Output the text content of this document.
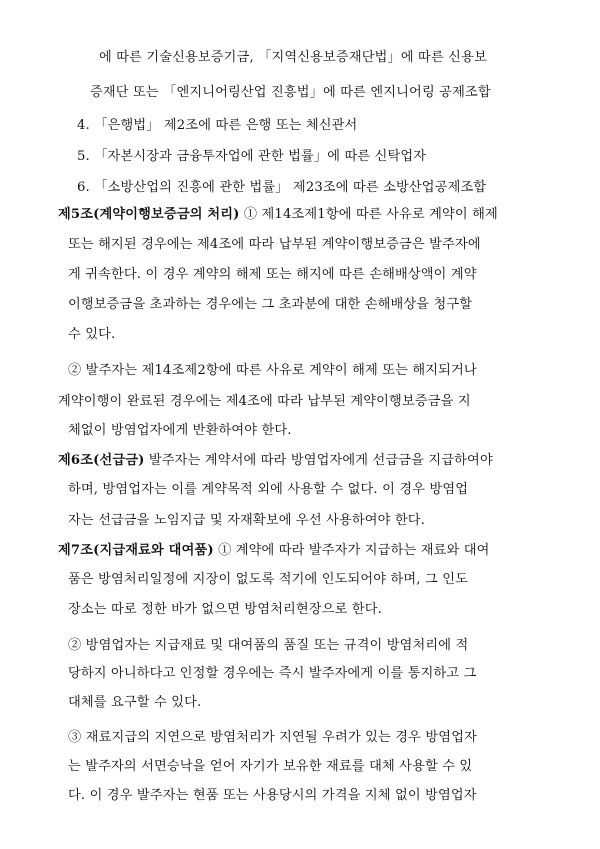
에 따른 기술신용보증기금, 「지역신용보증재단법」에 따른 신용보
증재단 또는 「엔지니어링산업 진흥법」에 따른 엔지니어링 공제조합
4. 「은행법」 제2조에 따른 은행 또는 체신관서
5. 「자본시장과 금융투자업에 관한 법률」에 따른 신탁업자
6. 「소방산업의 진흥에 관한 법률」 제23조에 따른 소방산업공제조합
제5조(계약이행보증금의 처리) ① 제14조제1항에 따른 사유로 계약이 해제
또는 해지된 경우에는 제4조에 따라 납부된 계약이행보증금은 발주자에
게 귀속한다. 이 경우 계약의 해제 또는 해지에 따른 손해배상액이 계약
이행보증금을 초과하는 경우에는 그 초과분에 대한 손해배상을 청구할
수 있다.
② 발주자는 제14조제2항에 따른 사유로 계약이 해제 또는 해지되거나
계약이행이 완료된 경우에는 제4조에 따라 납부된 계약이행보증금을 지
체없이 방염업자에게 반환하여야 한다.
제6조(선급금) 발주자는 계약서에 따라 방염업자에게 선급금을 지급하여야
하며, 방염업자는 이를 계약목적 외에 사용할 수 없다. 이 경우 방염업
자는 선급금을 노임지급 및 자재확보에 우선 사용하여야 한다.
제7조(지급재료와 대여품) ① 계약에 따라 발주자가 지급하는 재료와 대여
품은 방염처리일정에 지장이 없도록 적기에 인도되어야 하며, 그 인도
장소는 따로 정한 바가 없으면 방염처리현장으로 한다.
② 방염업자는 지급재료 및 대여품의 품질 또는 규격이 방염처리에 적
당하지 아니하다고 인정할 경우에는 즉시 발주자에게 이를 통지하고 그
대체를 요구할 수 있다.
③ 재료지급의 지연으로 방염처리가 지연될 우려가 있는 경우 방염업자
는 발주자의 서면승낙을 얻어 자기가 보유한 재료를 대체 사용할 수 있
다. 이 경우 발주자는 현품 또는 사용당시의 가격을 지체 없이 방염업자
